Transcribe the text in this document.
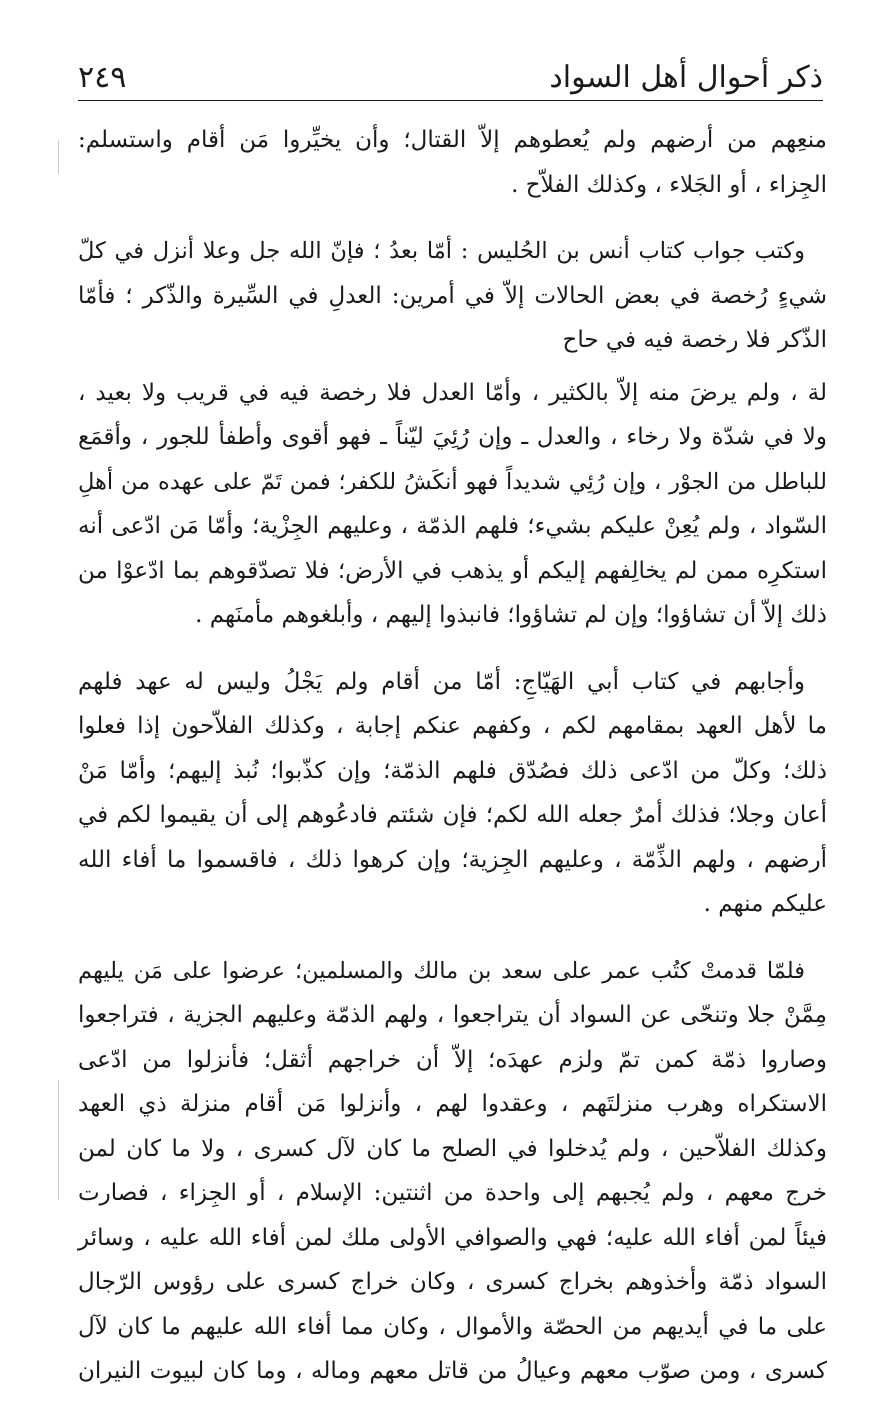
ذكر أحوال أهل السواد
٢٤٩

منعِهم من أرضهم ولم يُعطوهم إلاّ القتال؛ وأن يخيِّروا مَن أقام واستسلم:
الجِزاء ، أو الجَلاء ، وكذلك الفلاّح .

وكتب جواب كتاب أنس بن الحُليس : أمّا بعدُ ؛ فإنّ الله جل وعلا أنزل في كلّ
شيءٍ رُخصة في بعض الحالات إلاّ في أمرين: العدلِ في السِّيرة والذّكر ؛ فأمّا
الذّكر فلا رخصة فيه في حاح

لة ، ولم يرضَ منه إلاّ بالكثير ، وأمّا العدل فلا رخصة فيه في قريب ولا بعيد ،
ولا في شدّة ولا رخاء ، والعدل ـ وإن رُئِيَ ليّناً ـ فهو أقوى وأطفأ للجور ، وأقمَع
للباطل من الجوْر ، وإن رُئِي شديداً فهو أنكَشُ للكفر؛ فمن تَمّ على عهده من أهلِ
السّواد ، ولم يُعِنْ عليكم بشيء؛ فلهم الذمّة ، وعليهم الجِزْية؛ وأمّا مَن ادّعى أنه
استكرِه ممن لم يخالِفهم إليكم أو يذهب في الأرض؛ فلا تصدّقوهم بما ادّعوْا من
ذلك إلاّ أن تشاؤوا؛ وإن لم تشاؤوا؛ فانبذوا إليهم ، وأبلغوهم مأمنَهم .

وأجابهم في كتاب أبي الهَيّاجِ: أمّا من أقام ولم يَجْلُ وليس له عهد فلهم
ما لأهل العهد بمقامهم لكم ، وكفهم عنكم إجابة ، وكذلك الفلاّحون إذا فعلوا
ذلك؛ وكلّ من ادّعى ذلك فصُدّق فلهم الذمّة؛ وإن كذّبوا؛ نُبذ إليهم؛ وأمّا مَنْ
أعان وجلا؛ فذلك أمرٌ جعله الله لكم؛ فإن شئتم فادعُوهم إلى أن يقيموا لكم في
أرضهم ، ولهم الذِّمّة ، وعليهم الجِزية؛ وإن كرهوا ذلك ، فاقسموا ما أفاء الله
عليكم منهم .

فلمّا قدمتْ كتُب عمر على سعد بن مالك والمسلمين؛ عرضوا على مَن يليهم
مِمَّنْ جلا وتنحّى عن السواد أن يتراجعوا ، ولهم الذمّة وعليهم الجزية ، فتراجعوا
وصاروا ذمّة كمن تمّ ولزم عهدَه؛ إلاّ أن خراجهم أثقل؛ فأنزلوا من ادّعى
الاستكراه وهرب منزلتَهم ، وعقدوا لهم ، وأنزلوا مَن أقام منزلة ذي العهد
وكذلك الفلاّحين ، ولم يُدخلوا في الصلح ما كان لآل كسرى ، ولا ما كان لمن
خرج معهم ، ولم يُجبهم إلى واحدة من اثنتين: الإسلام ، أو الجِزاء ، فصارت
فيئاً لمن أفاء الله عليه؛ فهي والصوافي الأولى ملك لمن أفاء الله عليه ، وسائر
السواد ذمّة وأخذوهم بخراج كسرى ، وكان خراج كسرى على رؤوس الرّجال
على ما في أيديهم من الحصّة والأموال ، وكان مما أفاء الله عليهم ما كان لآل
كسرى ، ومن صوّب معهم وعيالُ من قاتل معهم وماله ، وما كان لبيوت النيران
